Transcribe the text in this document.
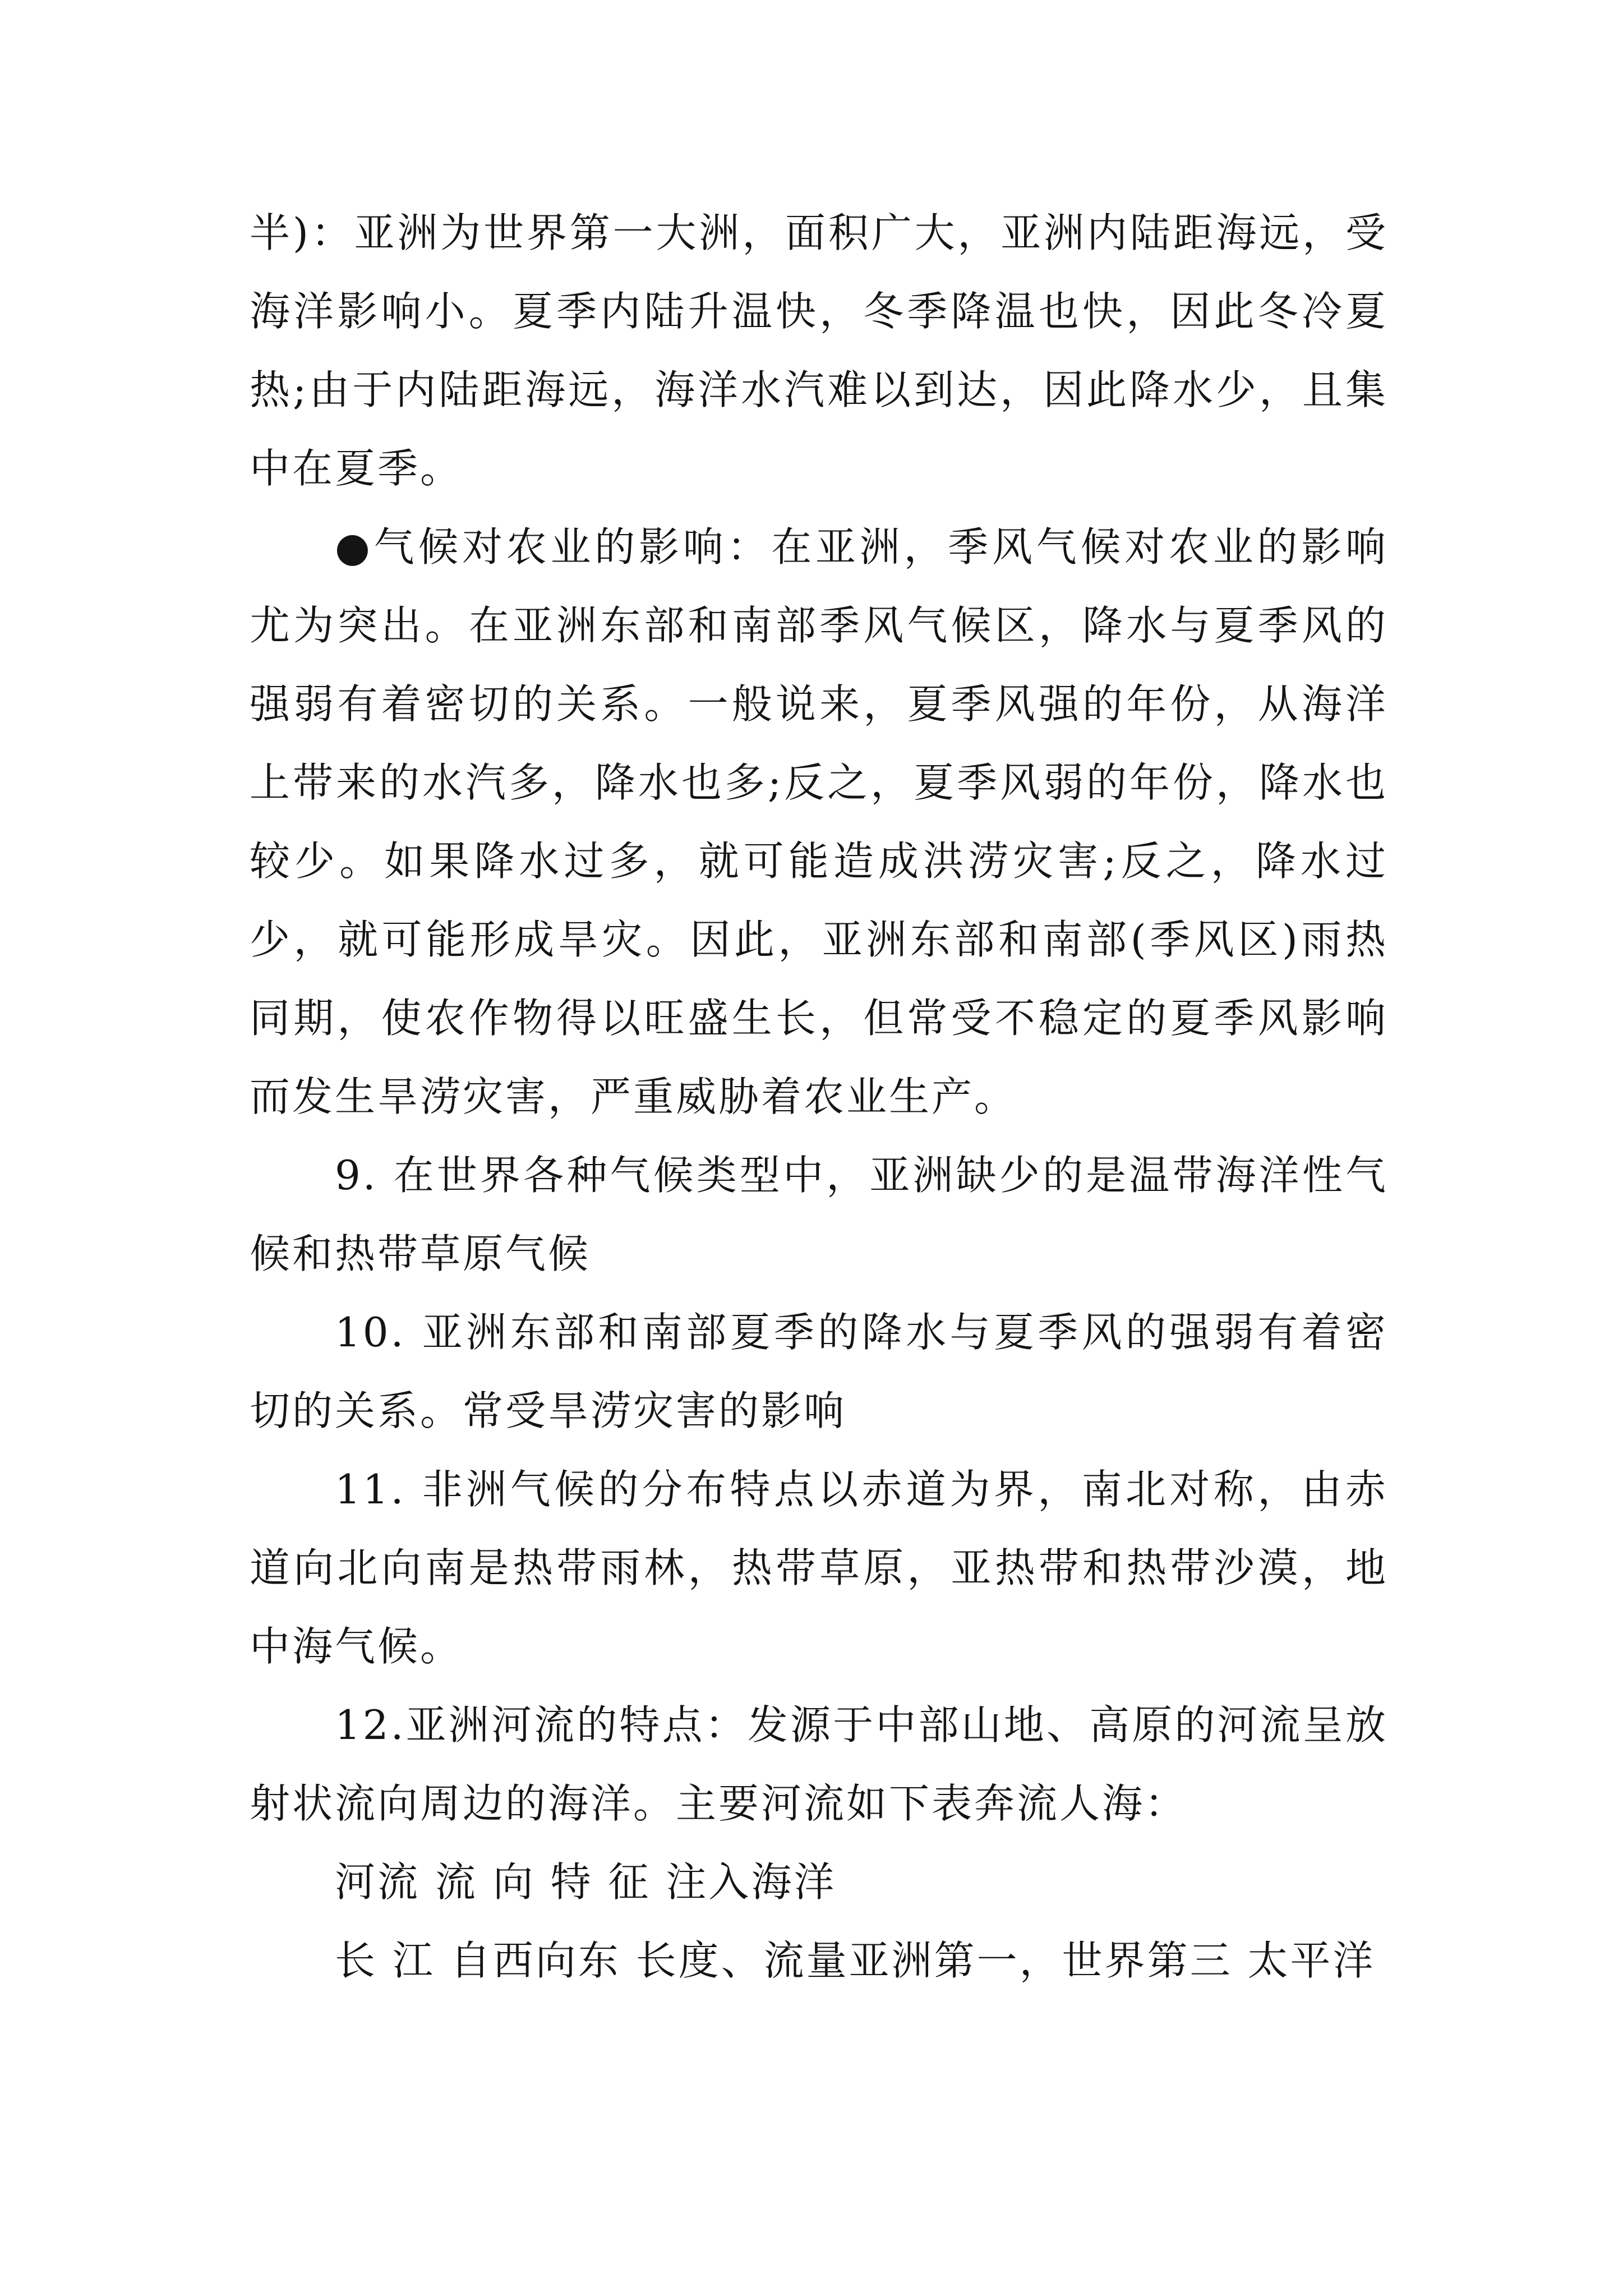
半)：亚洲为世界第一大洲，面积广大，亚洲内陆距海远，受海洋影响小。夏季内陆升温快，冬季降温也快，因此冬冷夏热;由于内陆距海远，海洋水汽难以到达，因此降水少，且集中在夏季。

●气候对农业的影响：在亚洲，季风气候对农业的影响尤为突出。在亚洲东部和南部季风气候区，降水与夏季风的强弱有着密切的关系。一般说来，夏季风强的年份，从海洋上带来的水汽多，降水也多;反之，夏季风弱的年份，降水也较少。如果降水过多，就可能造成洪涝灾害;反之，降水过少，就可能形成旱灾。因此，亚洲东部和南部(季风区)雨热同期，使农作物得以旺盛生长，但常受不稳定的夏季风影响而发生旱涝灾害，严重威胁着农业生产。

9. 在世界各种气候类型中，亚洲缺少的是温带海洋性气候和热带草原气候

10. 亚洲东部和南部夏季的降水与夏季风的强弱有着密切的关系。常受旱涝灾害的影响

11. 非洲气候的分布特点以赤道为界，南北对称，由赤道向北向南是热带雨林，热带草原，亚热带和热带沙漠，地中海气候。

12.亚洲河流的特点：发源于中部山地、高原的河流呈放射状流向周边的海洋。主要河流如下表奔流人海：

河流 流 向 特 征 注入海洋

长 江 自西向东 长度、流量亚洲第一，世界第三 太平洋
